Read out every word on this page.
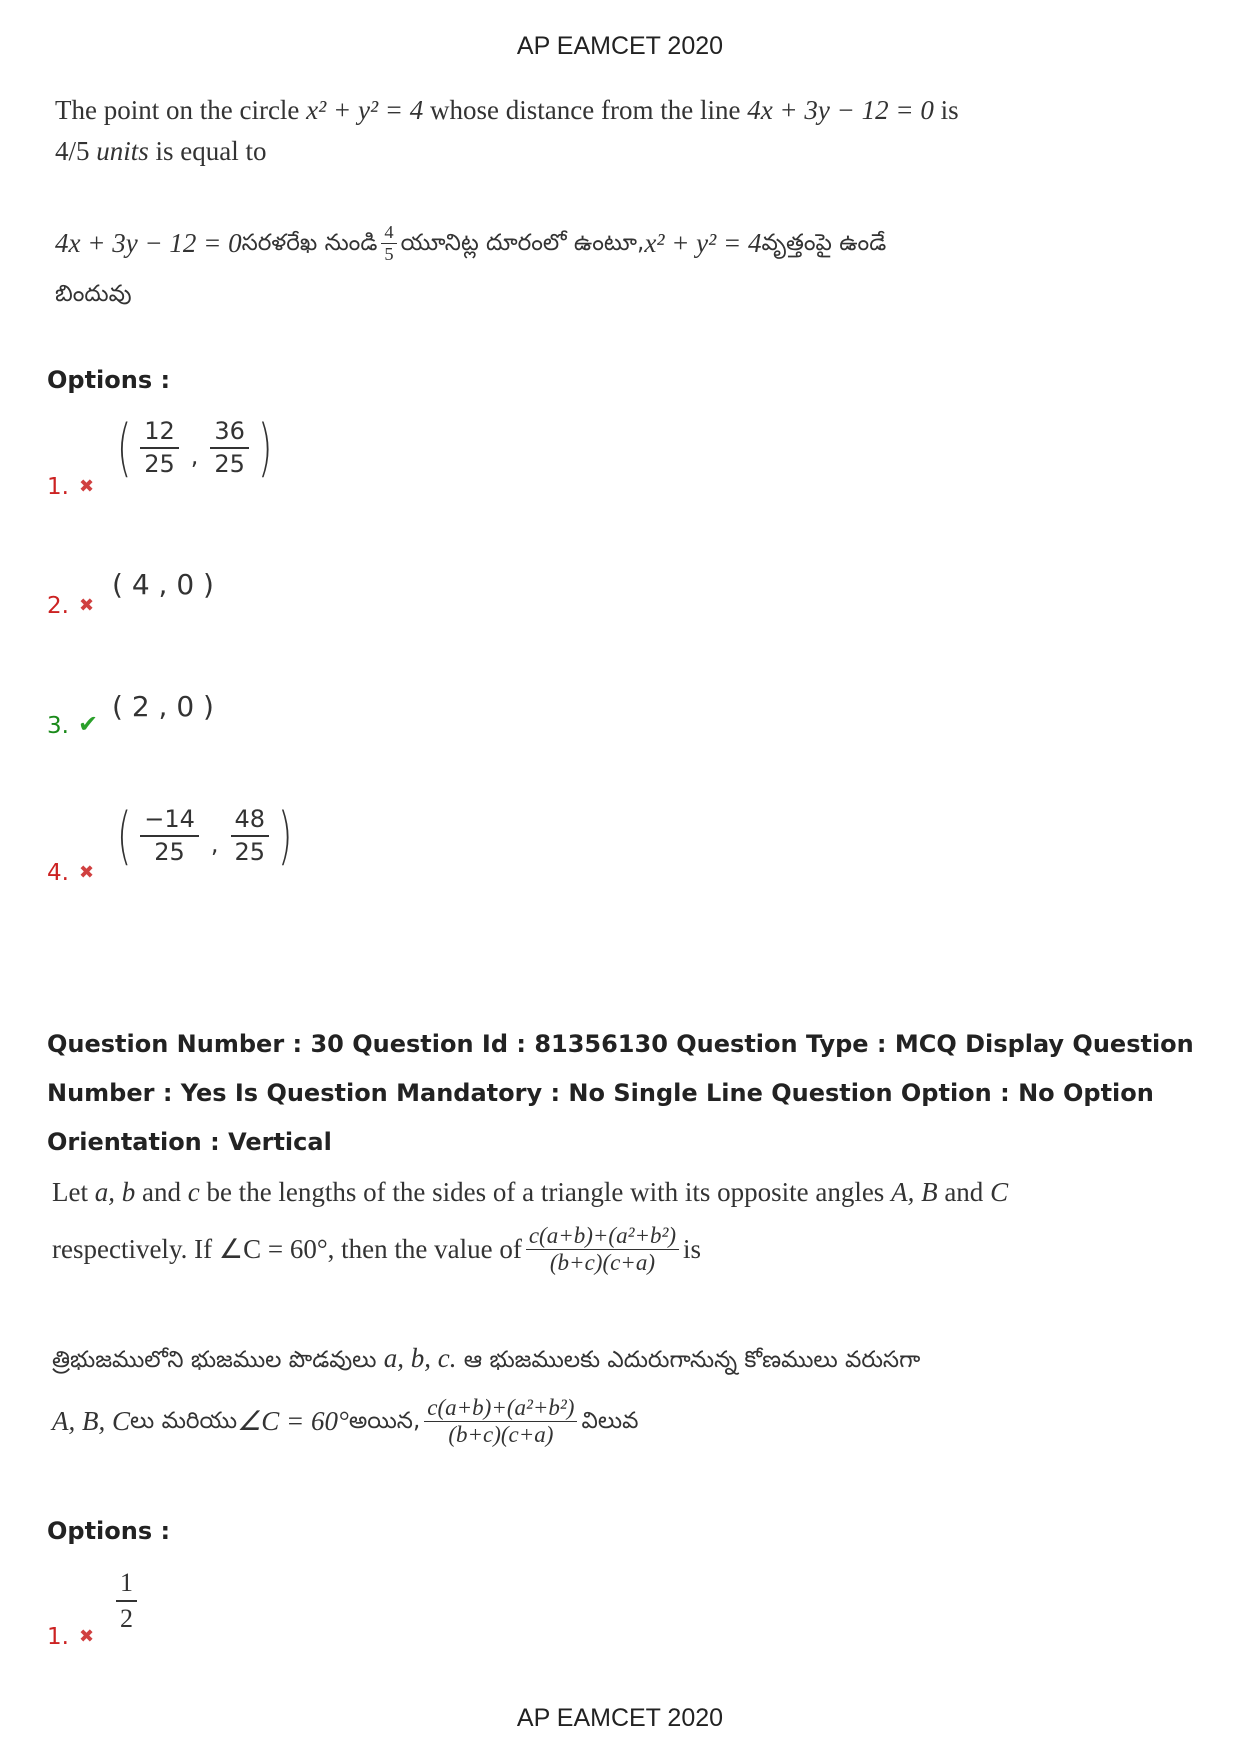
AP EAMCET 2020
The point on the circle x² + y² = 4 whose distance from the line 4x + 3y − 12 = 0 is
4/5 units is equal to
4x + 3y − 12 = 0 సరళరేఖ నుండి $\frac{4}{5}$ యూనిట్ల దూరంలో ఉంటూ, x² + y² = 4 వృత్తంపై ఉండే
బిందువు
Options :
1. ✖
( $\frac{12}{25}$ , $\frac{36}{25}$ )
2. ✖
( 4 , 0 )
3. ✔
( 2 , 0 )
4. ✖
( $\frac{-14}{25}$ , $\frac{48}{25}$ )
Question Number : 30 Question Id : 81356130 Question Type : MCQ Display Question Number : Yes Is Question Mandatory : No Single Line Question Option : No Option Orientation : Vertical
Let a, b and c be the lengths of the sides of a triangle with its opposite angles A, B and C
respectively. If ∠C = 60°, then the value of $\frac{\text{c(a+b)+(a²+b²)}}{(b+c)(c+a)}$ is
త్రిభుజములోని భుజముల పొడవులు a, b, c. ఆ భుజములకు ఎదురుగానున్న కోణములు వరుసగా
A, B, C లు మరియు ∠C = 60° అయిన, $\frac{\text{c(a+b)+(a²+b²)}}{(b+c)(c+a)}$ విలువ
Options :
1. ✖
$\frac{1}{2}$
AP EAMCET 2020
